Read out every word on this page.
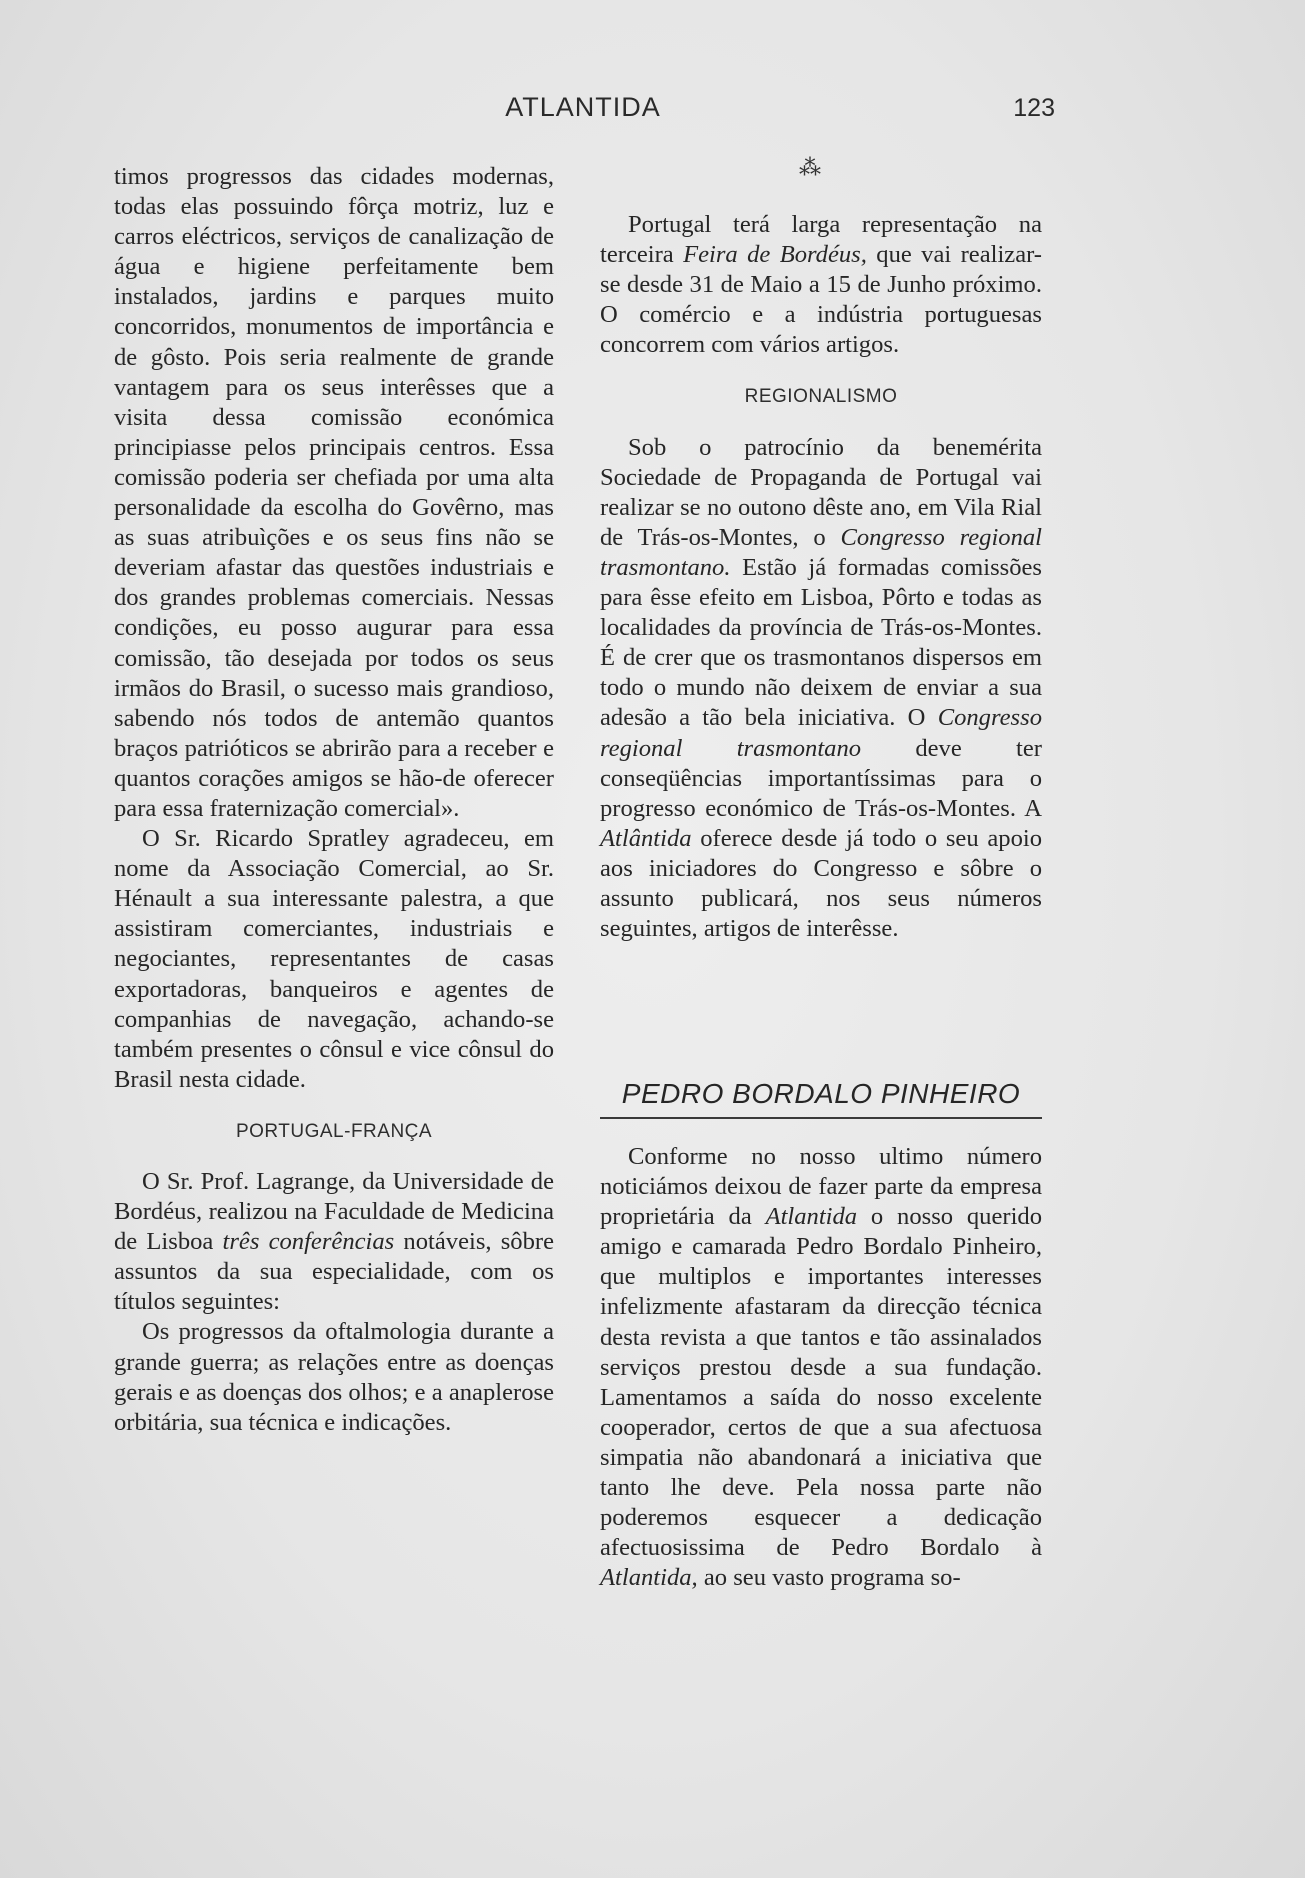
ATLANTIDA	123

timos progressos das cidades modernas, todas elas possuindo fôrça motriz, luz e carros eléctricos, serviços de canalização de água e higiene perfeitamente bem instalados, jardins e parques muito concorridos, monumentos de importância e de gôsto. Pois seria realmente de grande vantagem para os seus interêsses que a visita dessa comissão económica principiasse pelos principais centros. Essa comissão poderia ser chefiada por uma alta personalidade da escolha do Govêrno, mas as suas atribuìções e os seus fins não se deveriam afastar das questões industriais e dos grandes problemas comerciais. Nessas condições, eu posso augurar para essa comissão, tão desejada por todos os seus irmãos do Brasil, o sucesso mais grandioso, sabendo nós todos de antemão quantos braços patrióticos se abrirão para a receber e quantos corações amigos se hão-de oferecer para essa fraternização comercial».

O Sr. Ricardo Spratley agradeceu, em nome da Associação Comercial, ao Sr. Hénault a sua interessante palestra, a que assistiram comerciantes, industriais e negociantes, representantes de casas exportadoras, banqueiros e agentes de companhias de navegação, achando-se também presentes o cônsul e vice cônsul do Brasil nesta cidade.

PORTUGAL-FRANÇA

O Sr. Prof. Lagrange, da Universidade de Bordéus, realizou na Faculdade de Medicina de Lisboa três conferências notáveis, sôbre assuntos da sua especialidade, com os títulos seguintes:

Os progressos da oftalmologia durante a grande guerra; as relações entre as doenças gerais e as doenças dos olhos; e a anaplerose orbitária, sua técnica e indicações.

⁂

Portugal terá larga representação na terceira Feira de Bordéus, que vai realizar-se desde 31 de Maio a 15 de Junho próximo. O comércio e a indústria portuguesas concorrem com vários artigos.

REGIONALISMO

Sob o patrocínio da benemérita Sociedade de Propaganda de Portugal vai realizar se no outono dêste ano, em Vila Rial de Trás-os-Montes, o Congresso regional trasmontano. Estão já formadas comissões para êsse efeito em Lisboa, Pôrto e todas as localidades da província de Trás-os-Montes. É de crer que os trasmontanos dispersos em todo o mundo não deixem de enviar a sua adesão a tão bela iniciativa. O Congresso regional trasmontano deve ter conseqüências importantíssimas para o progresso económico de Trás-os-Montes. A Atlântida oferece desde já todo o seu apoio aos iniciadores do Congresso e sôbre o assunto publicará, nos seus números seguintes, artigos de interêsse.

PEDRO BORDALO PINHEIRO

Conforme no nosso ultimo número noticiámos deixou de fazer parte da empresa proprietária da Atlantida o nosso querido amigo e camarada Pedro Bordalo Pinheiro, que multiplos e importantes interesses infelizmente afastaram da direcção técnica desta revista a que tantos e tão assinalados serviços prestou desde a sua fundação. Lamentamos a saída do nosso excelente cooperador, certos de que a sua afectuosa simpatia não abandonará a iniciativa que tanto lhe deve. Pela nossa parte não poderemos esquecer a dedicação afectuosissima de Pedro Bordalo à Atlantida, ao seu vasto programa so-
